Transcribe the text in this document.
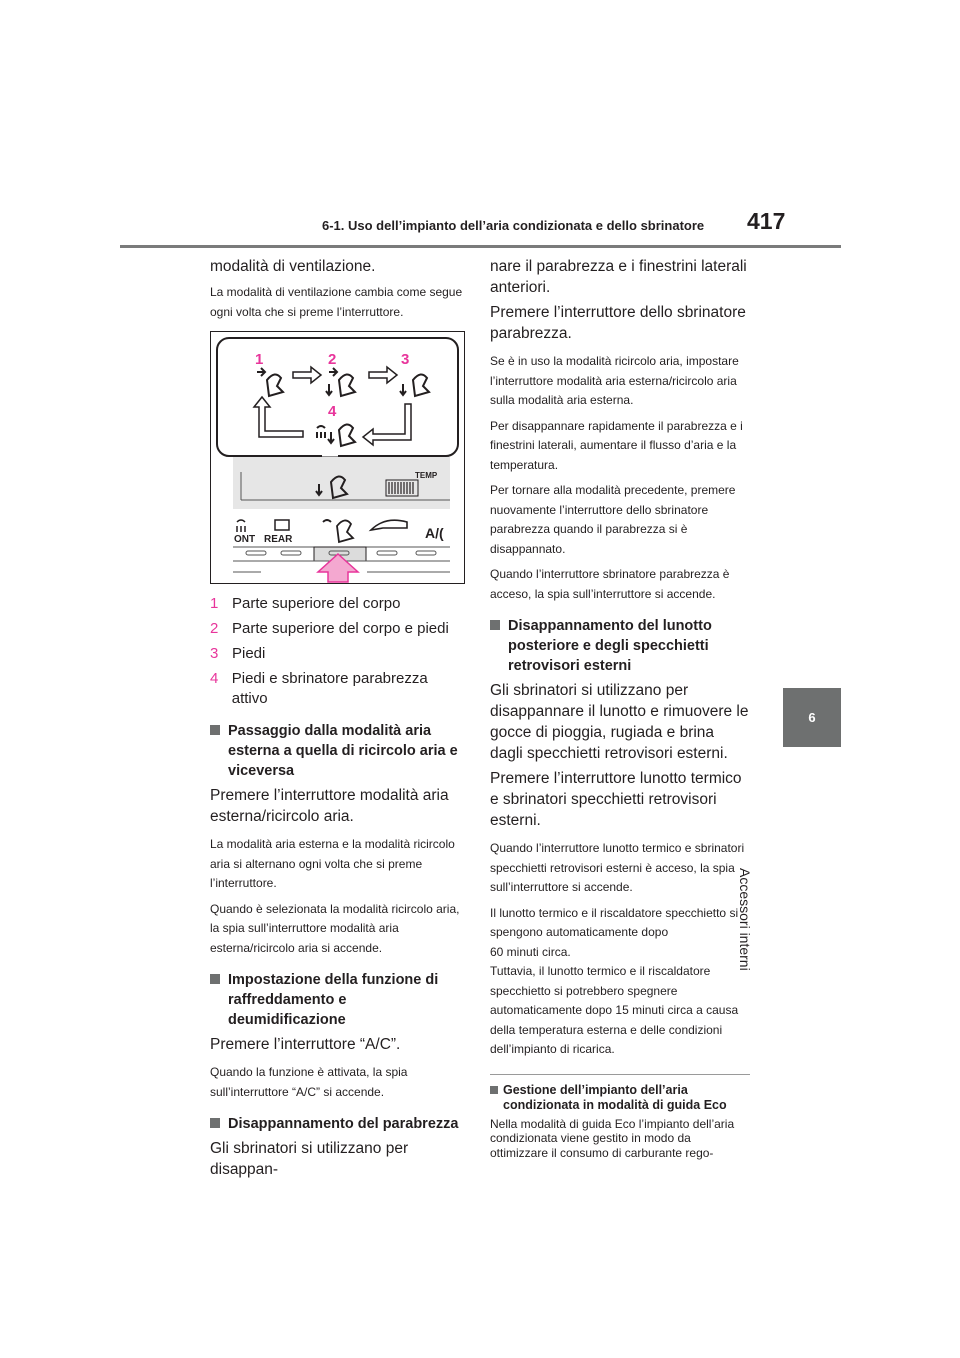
6-1. Uso dell’impianto dell’aria condizionata e dello sbrinatore 417
6
Accessori interni

modalità di ventilazione.

La modalità di ventilazione cambia come segue ogni volta che si preme l’interruttore.

1	2	3
4
TEMP
ONT REAR	A/(
1 Parte superiore del corpo
2 Parte superiore del corpo e piedi
3 Piedi
4 Piedi e sbrinatore parabrezza attivo
Passaggio dalla modalità aria esterna a quella di ricircolo aria e viceversa

Premere l’interruttore modalità aria esterna/ricircolo aria.

La modalità aria esterna e la modalità ricircolo aria si alternano ogni volta che si preme l’interruttore.

Quando è selezionata la modalità ricircolo aria, la spia sull’interruttore modalità aria esterna/ricircolo aria si accende.

Impostazione della funzione di raffreddamento e deumidificazione

Premere l’interruttore “A/C”.

Quando la funzione è attivata, la spia sull’interruttore “A/C” si accende.

Disappannamento del parabrezza

Gli sbrinatori si utilizzano per disappan-

nare il parabrezza e i finestrini laterali anteriori.

Premere l’interruttore dello sbrinatore parabrezza.

Se è in uso la modalità ricircolo aria, impostare l’interruttore modalità aria esterna/ricircolo aria sulla modalità aria esterna.

Per disappannare rapidamente il parabrezza e i finestrini laterali, aumentare il flusso d’aria e la temperatura.

Per tornare alla modalità precedente, premere nuovamente l’interruttore dello sbrinatore parabrezza quando il parabrezza si è disappannato.

Quando l’interruttore sbrinatore parabrezza è acceso, la spia sull’interruttore si accende.

Disappannamento del lunotto posteriore e degli specchietti retrovisori esterni

Gli sbrinatori si utilizzano per disappannare il lunotto e rimuovere le gocce di pioggia, rugiada e brina dagli specchietti retrovisori esterni.

Premere l’interruttore lunotto termico e sbrinatori specchietti retrovisori esterni.

Quando l’interruttore lunotto termico e sbrinatori specchietti retrovisori esterni è acceso, la spia sull’interruttore si accende.

Il lunotto termico e il riscaldatore specchietto si spengono automaticamente dopo

60 minuti circa.

Tuttavia, il lunotto termico e il riscaldatore specchietto si potrebbero spegnere automaticamente dopo 15 minuti circa a causa della temperatura esterna e delle condizioni dell’impianto di ricarica.

Gestione dell’impianto dell’aria condizionata in modalità di guida Eco

Nella modalità di guida Eco l’impianto dell’aria condizionata viene gestito in modo da ottimizzare il consumo di carburante rego-
